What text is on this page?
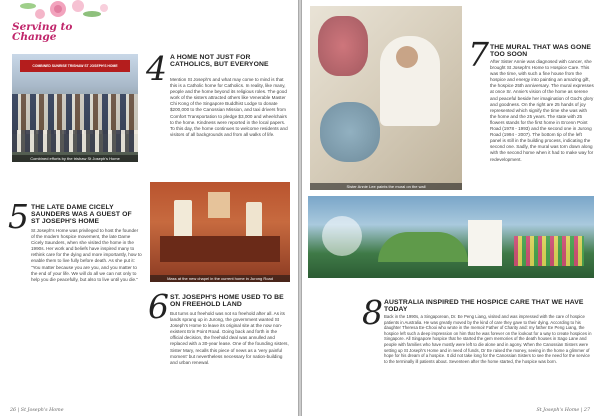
Serving to
Change
COMBINED SUNRISE TRISHAW ST JOSEPH'S HOME
Combined efforts by the trishaw St Joseph's Home
4 A HOME NOT JUST FOR CATHOLICS, BUT EVERYONE
Mention St Joseph's and what may come to mind is that this is a Catholic home for Catholics. In reality, like many, people and the home beyond its religious roles. The good work of the sisters attracted others like Venerable Master Chi Kong of the Singapore Buddhist Lodge to donate $200,000 to the Canossian Mission, and taxi drivers from Comfort Transportation to pledge $3,000 and wheelchairs to the home. Kindness were reported in the local papers. To this day, the home continues to welcome residents and visitors of all backgrounds and from all walks of life.
5 THE LATE DAME CICELY SAUNDERS WAS A GUEST OF ST JOSEPH'S HOME
St Joseph's Home was privileged to host the founder of the modern hospice movement, the late Dame Cicely Saunders, when she visited the home in the 1990s. Her work and beliefs have inspired many to rethink care for the dying and more importantly, how to enable them to live fully before death. As she put it: "You matter because you are you, and you matter to the end of your life. We will do all we can not only to help you die peacefully, but also to live until you die."	Mass at the new chapel in the current home in Jurong Road
6 ST. JOSEPH'S HOME USED TO BE ON FREEHOLD LAND
But turns out freehold was not so freehold after all. As its lands sprang up in Jurong, the government wanted St Joseph's Home to leave its original site at the now non-existent Erin Point Road. Going back and forth in the official decision, the freehold deal was annulled and replaced with a 30-year lease. One of the founding sisters, Sister Mary, recalls this piece of news as a 'very painful moment' but nevertheless necessary for nation-building and urban renewal.
26 | St Joseph's Home
Sister Annie Lee paints the mural on the wall
7 THE MURAL THAT WAS GONE TOO SOON
After Sister Annie was diagnosed with cancer, she brought St Joseph's Home to Hospice Care. This was the time, with such a fine house from the hospice and energy into painting an amazing gift, the hospice 25th anniversary. The mural expresses at once Sr. Annie's vision of the home as serene and peaceful beside her imagination of God's glory and goodness. On the right are 25 hands of joy represented which signify the time she was with the home and the 25 years. The state with 25 flowers stands for the first home in Ercenn Point Road (1978 - 1993) and the second one in Jurong Road (1994 - 2007). The bottom tip of the left panel is still in the building process, indicating the second one. Sadly, the mural was torn down along with the second home when it had to make way for redevelopment.
8 AUSTRALIA INSPIRED THE HOSPICE CARE THAT WE HAVE TODAY
Back in the 1990s, a Singaporean, Dr. Ee Peng Liang, visited and was impressed with the care of hospice patients in Australia. He was greatly moved by the kind of care they gave to their dying. According to his daughter Theresa Ee-Chooi who wrote in the memoir Father of Charity and: my father Ee Peng Liang, the hospice left such a deep impression on him that he was forever on the lookout for a way to create hospices in Singapore. All Singapore hospice that he started the gem memories of the death houses in Sago Lane and people with families who have mostly were left to die alone and in agony. When the Canossian Sisters were setting up St Joseph's Home and in need of funds, Dr Ee raised the money, seeing in the home a glimmer of hope for his dream of a hospice. It did not take long for the Canossian Sisters to see the need for the service to the terminally ill patients about. Seventeen after the home started, the hospice was born.
St Joseph's Home | 27
